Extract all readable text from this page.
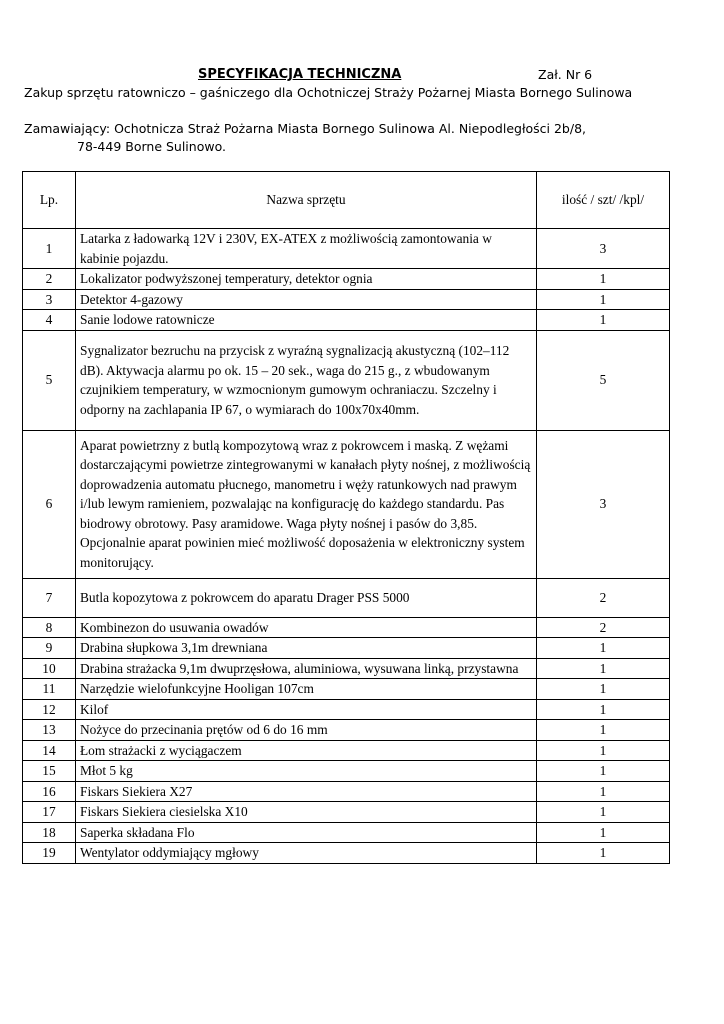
SPECYFIKACJA TECHNICZNA	Zał. Nr 6
Zakup sprzętu ratowniczo – gaśniczego dla Ochotniczej Straży Pożarnej Miasta Bornego Sulinowa
Zamawiający: Ochotnicza Straż Pożarna Miasta Bornego Sulinowa Al. Niepodległości 2b/8,
78-449 Borne Sulinowo.
Lp.	Nazwa sprzętu	ilość / szt/ /kpl/
1	Latarka z ładowarką 12V i 230V, EX-ATEX z możliwością zamontowania w kabinie pojazdu.	3
2	Lokalizator podwyższonej temperatury, detektor ognia	1
3	Detektor 4-gazowy	1
4	Sanie lodowe ratownicze	1
5	Sygnalizator bezruchu na przycisk z wyraźną sygnalizacją akustyczną (102–112 dB). Aktywacja alarmu po ok. 15 – 20 sek., waga do 215 g., z wbudowanym czujnikiem temperatury, w wzmocnionym gumowym ochraniaczu. Szczelny i odporny na zachlapania IP 67, o wymiarach do 100x70x40mm.	5
6	Aparat powietrzny z butlą kompozytową wraz z pokrowcem i maską. Z wężami dostarczającymi powietrze zintegrowanymi w kanałach płyty nośnej, z możliwością doprowadzenia automatu płucnego, manometru i węży ratunkowych nad prawym i/lub lewym ramieniem, pozwalając na konfigurację do każdego standardu. Pas biodrowy obrotowy. Pasy aramidowe. Waga płyty nośnej i pasów do 3,85. Opcjonalnie aparat powinien mieć możliwość doposażenia w elektroniczny system monitorujący.	3
7	Butla kopozytowa z pokrowcem do aparatu Drager PSS 5000	2
8	Kombinezon do usuwania owadów	2
9	Drabina słupkowa 3,1m drewniana	1
10	Drabina strażacka 9,1m dwuprzęsłowa, aluminiowa, wysuwana linką, przystawna	1
11	Narzędzie wielofunkcyjne Hooligan 107cm	1
12	Kilof	1
13	Nożyce do przecinania prętów od 6 do 16 mm	1
14	Łom strażacki z wyciągaczem	1
15	Młot 5 kg	1
16	Fiskars Siekiera X27	1
17	Fiskars Siekiera ciesielska X10	1
18	Saperka składana Flo	1
19	Wentylator oddymiający mgłowy	1
